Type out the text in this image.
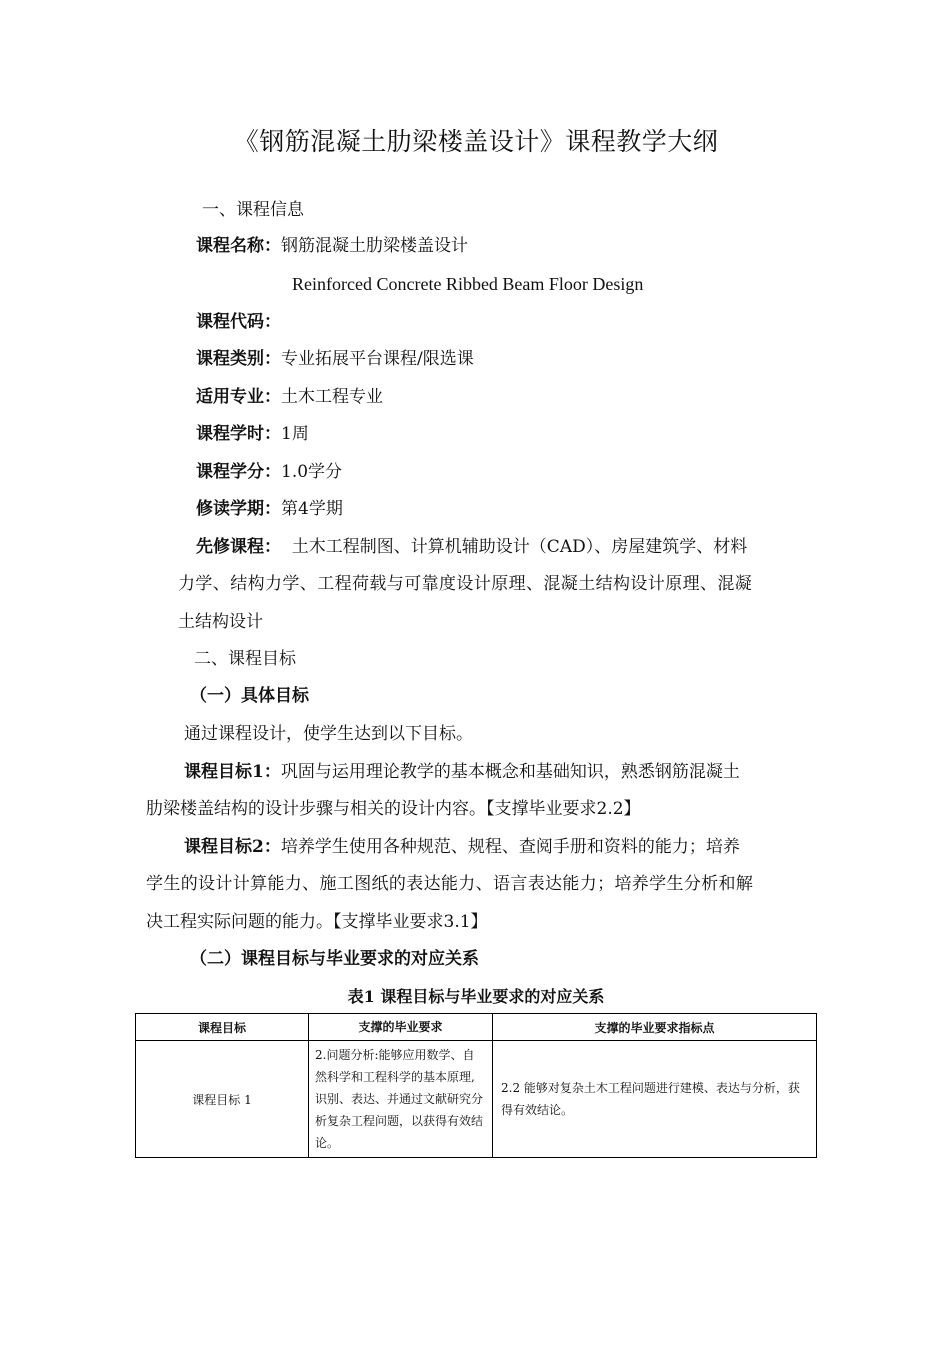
《钢筋混凝土肋梁楼盖设计》课程教学大纲
一、课程信息
课程名称：钢筋混凝土肋梁楼盖设计
Reinforced Concrete Ribbed Beam Floor Design
课程代码：
课程类别：专业拓展平台课程/限选课
适用专业：土木工程专业
课程学时：1周
课程学分：1.0学分
修读学期：第4学期
先修课程：  土木工程制图、计算机辅助设计（CAD）、房屋建筑学、材料
力学、结构力学、工程荷载与可靠度设计原理、混凝土结构设计原理、混凝
土结构设计
二、课程目标
（一）具体目标
通过课程设计，使学生达到以下目标。
课程目标1：巩固与运用理论教学的基本概念和基础知识，熟悉钢筋混凝土
肋梁楼盖结构的设计步骤与相关的设计内容。【支撑毕业要求2.2】
课程目标2：培养学生使用各种规范、规程、查阅手册和资料的能力；培养
学生的设计计算能力、施工图纸的表达能力、语言表达能力；培养学生分析和解
决工程实际问题的能力。【支撑毕业要求3.1】
（二）课程目标与毕业要求的对应关系
表1 课程目标与毕业要求的对应关系
课程目标	支撑的毕业要求	支撑的毕业要求指标点
课程目标 1	2.问题分析:能够应用数学、自然科学和工程科学的基本原理,识别、表达、并通过文献研究分析复杂工程问题，以获得有效结论。	2.2 能够对复杂土木工程问题进行建模、表达与分析，获得有效结论。
